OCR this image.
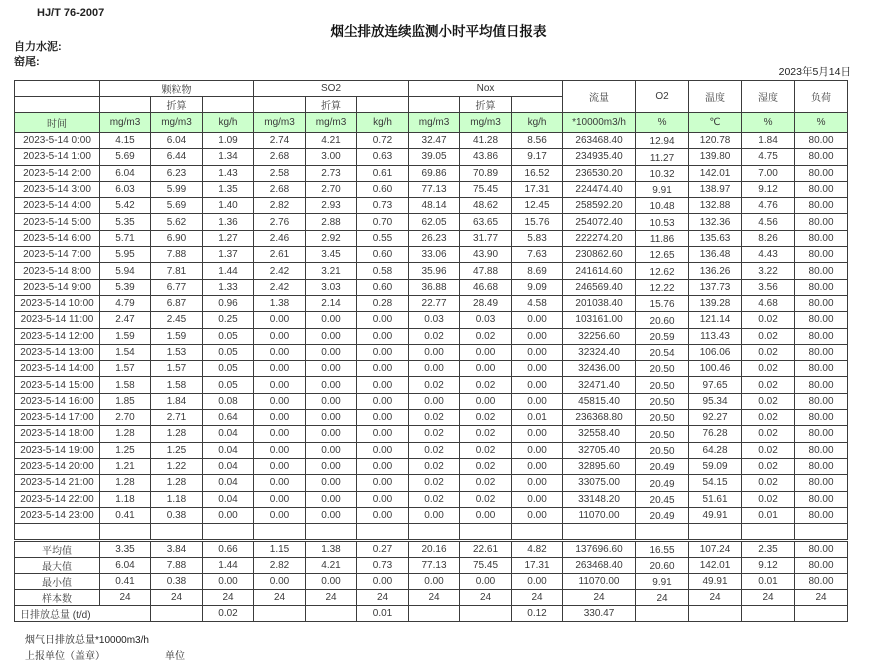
HJ/T 76-2007
烟尘排放连续监测小时平均值日报表
自力水泥:
窑尾:
2023年5月14日
	颗粒物			SO2			Nox			流量	O2	温度	湿度	负荷
		折算			折算			折算						
时间	mg/m3	mg/m3	kg/h	mg/m3	mg/m3	kg/h	mg/m3	mg/m3	kg/h	*10000m3/h	%	℃	%	%
2023-5-14 0:00	4.15	6.04	1.09	2.74	4.21	0.72	32.47	41.28	8.56	263468.40	12.94	120.78	1.84	80.00
2023-5-14 1:00	5.69	6.44	1.34	2.68	3.00	0.63	39.05	43.86	9.17	234935.40	11.27	139.80	4.75	80.00
2023-5-14 2:00	6.04	6.23	1.43	2.58	2.73	0.61	69.86	70.89	16.52	236530.20	10.32	142.01	7.00	80.00
2023-5-14 3:00	6.03	5.99	1.35	2.68	2.70	0.60	77.13	75.45	17.31	224474.40	9.91	138.97	9.12	80.00
2023-5-14 4:00	5.42	5.69	1.40	2.82	2.93	0.73	48.14	48.62	12.45	258592.20	10.48	132.88	4.76	80.00
2023-5-14 5:00	5.35	5.62	1.36	2.76	2.88	0.70	62.05	63.65	15.76	254072.40	10.53	132.36	4.56	80.00
2023-5-14 6:00	5.71	6.90	1.27	2.46	2.92	0.55	26.23	31.77	5.83	222274.20	11.86	135.63	8.26	80.00
2023-5-14 7:00	5.95	7.88	1.37	2.61	3.45	0.60	33.06	43.90	7.63	230862.60	12.65	136.48	4.43	80.00
2023-5-14 8:00	5.94	7.81	1.44	2.42	3.21	0.58	35.96	47.88	8.69	241614.60	12.62	136.26	3.22	80.00
2023-5-14 9:00	5.39	6.77	1.33	2.42	3.03	0.60	36.88	46.68	9.09	246569.40	12.22	137.73	3.56	80.00
2023-5-14 10:00	4.79	6.87	0.96	1.38	2.14	0.28	22.77	28.49	4.58	201038.40	15.76	139.28	4.68	80.00
2023-5-14 11:00	2.47	2.45	0.25	0.00	0.00	0.00	0.03	0.03	0.00	103161.00	20.60	121.14	0.02	80.00
2023-5-14 12:00	1.59	1.59	0.05	0.00	0.00	0.00	0.02	0.02	0.00	32256.60	20.59	113.43	0.02	80.00
2023-5-14 13:00	1.54	1.53	0.05	0.00	0.00	0.00	0.00	0.00	0.00	32324.40	20.54	106.06	0.02	80.00
2023-5-14 14:00	1.57	1.57	0.05	0.00	0.00	0.00	0.00	0.00	0.00	32436.00	20.50	100.46	0.02	80.00
2023-5-14 15:00	1.58	1.58	0.05	0.00	0.00	0.00	0.02	0.02	0.00	32471.40	20.50	97.65	0.02	80.00
2023-5-14 16:00	1.85	1.84	0.08	0.00	0.00	0.00	0.00	0.00	0.00	45815.40	20.50	95.34	0.02	80.00
2023-5-14 17:00	2.70	2.71	0.64	0.00	0.00	0.00	0.02	0.02	0.01	236368.80	20.50	92.27	0.02	80.00
2023-5-14 18:00	1.28	1.28	0.04	0.00	0.00	0.00	0.02	0.02	0.00	32558.40	20.50	76.28	0.02	80.00
2023-5-14 19:00	1.25	1.25	0.04	0.00	0.00	0.00	0.02	0.02	0.00	32705.40	20.50	64.28	0.02	80.00
2023-5-14 20:00	1.21	1.22	0.04	0.00	0.00	0.00	0.02	0.02	0.00	32895.60	20.49	59.09	0.02	80.00
2023-5-14 21:00	1.28	1.28	0.04	0.00	0.00	0.00	0.02	0.02	0.00	33075.00	20.49	54.15	0.02	80.00
2023-5-14 22:00	1.18	1.18	0.04	0.00	0.00	0.00	0.02	0.02	0.00	33148.20	20.45	51.61	0.02	80.00
2023-5-14 23:00	0.41	0.38	0.00	0.00	0.00	0.00	0.00	0.00	0.00	11070.00	20.49	49.91	0.01	80.00

平均值	3.35	3.84	0.66	1.15	1.38	0.27	20.16	22.61	4.82	137696.60	16.55	107.24	2.35	80.00
最大值	6.04	7.88	1.44	2.82	4.21	0.73	77.13	75.45	17.31	263468.40	20.60	142.01	9.12	80.00
最小值	0.41	0.38	0.00	0.00	0.00	0.00	0.00	0.00	0.00	11070.00	9.91	49.91	0.01	80.00
样本数	24	24	24	24	24	24	24	24	24	24	24	24	24	24
日排放总量 (t/d)			0.02			0.01			0.12	330.47				
烟气日排放总量*10000m3/h
上报单位（盖章）	单位
